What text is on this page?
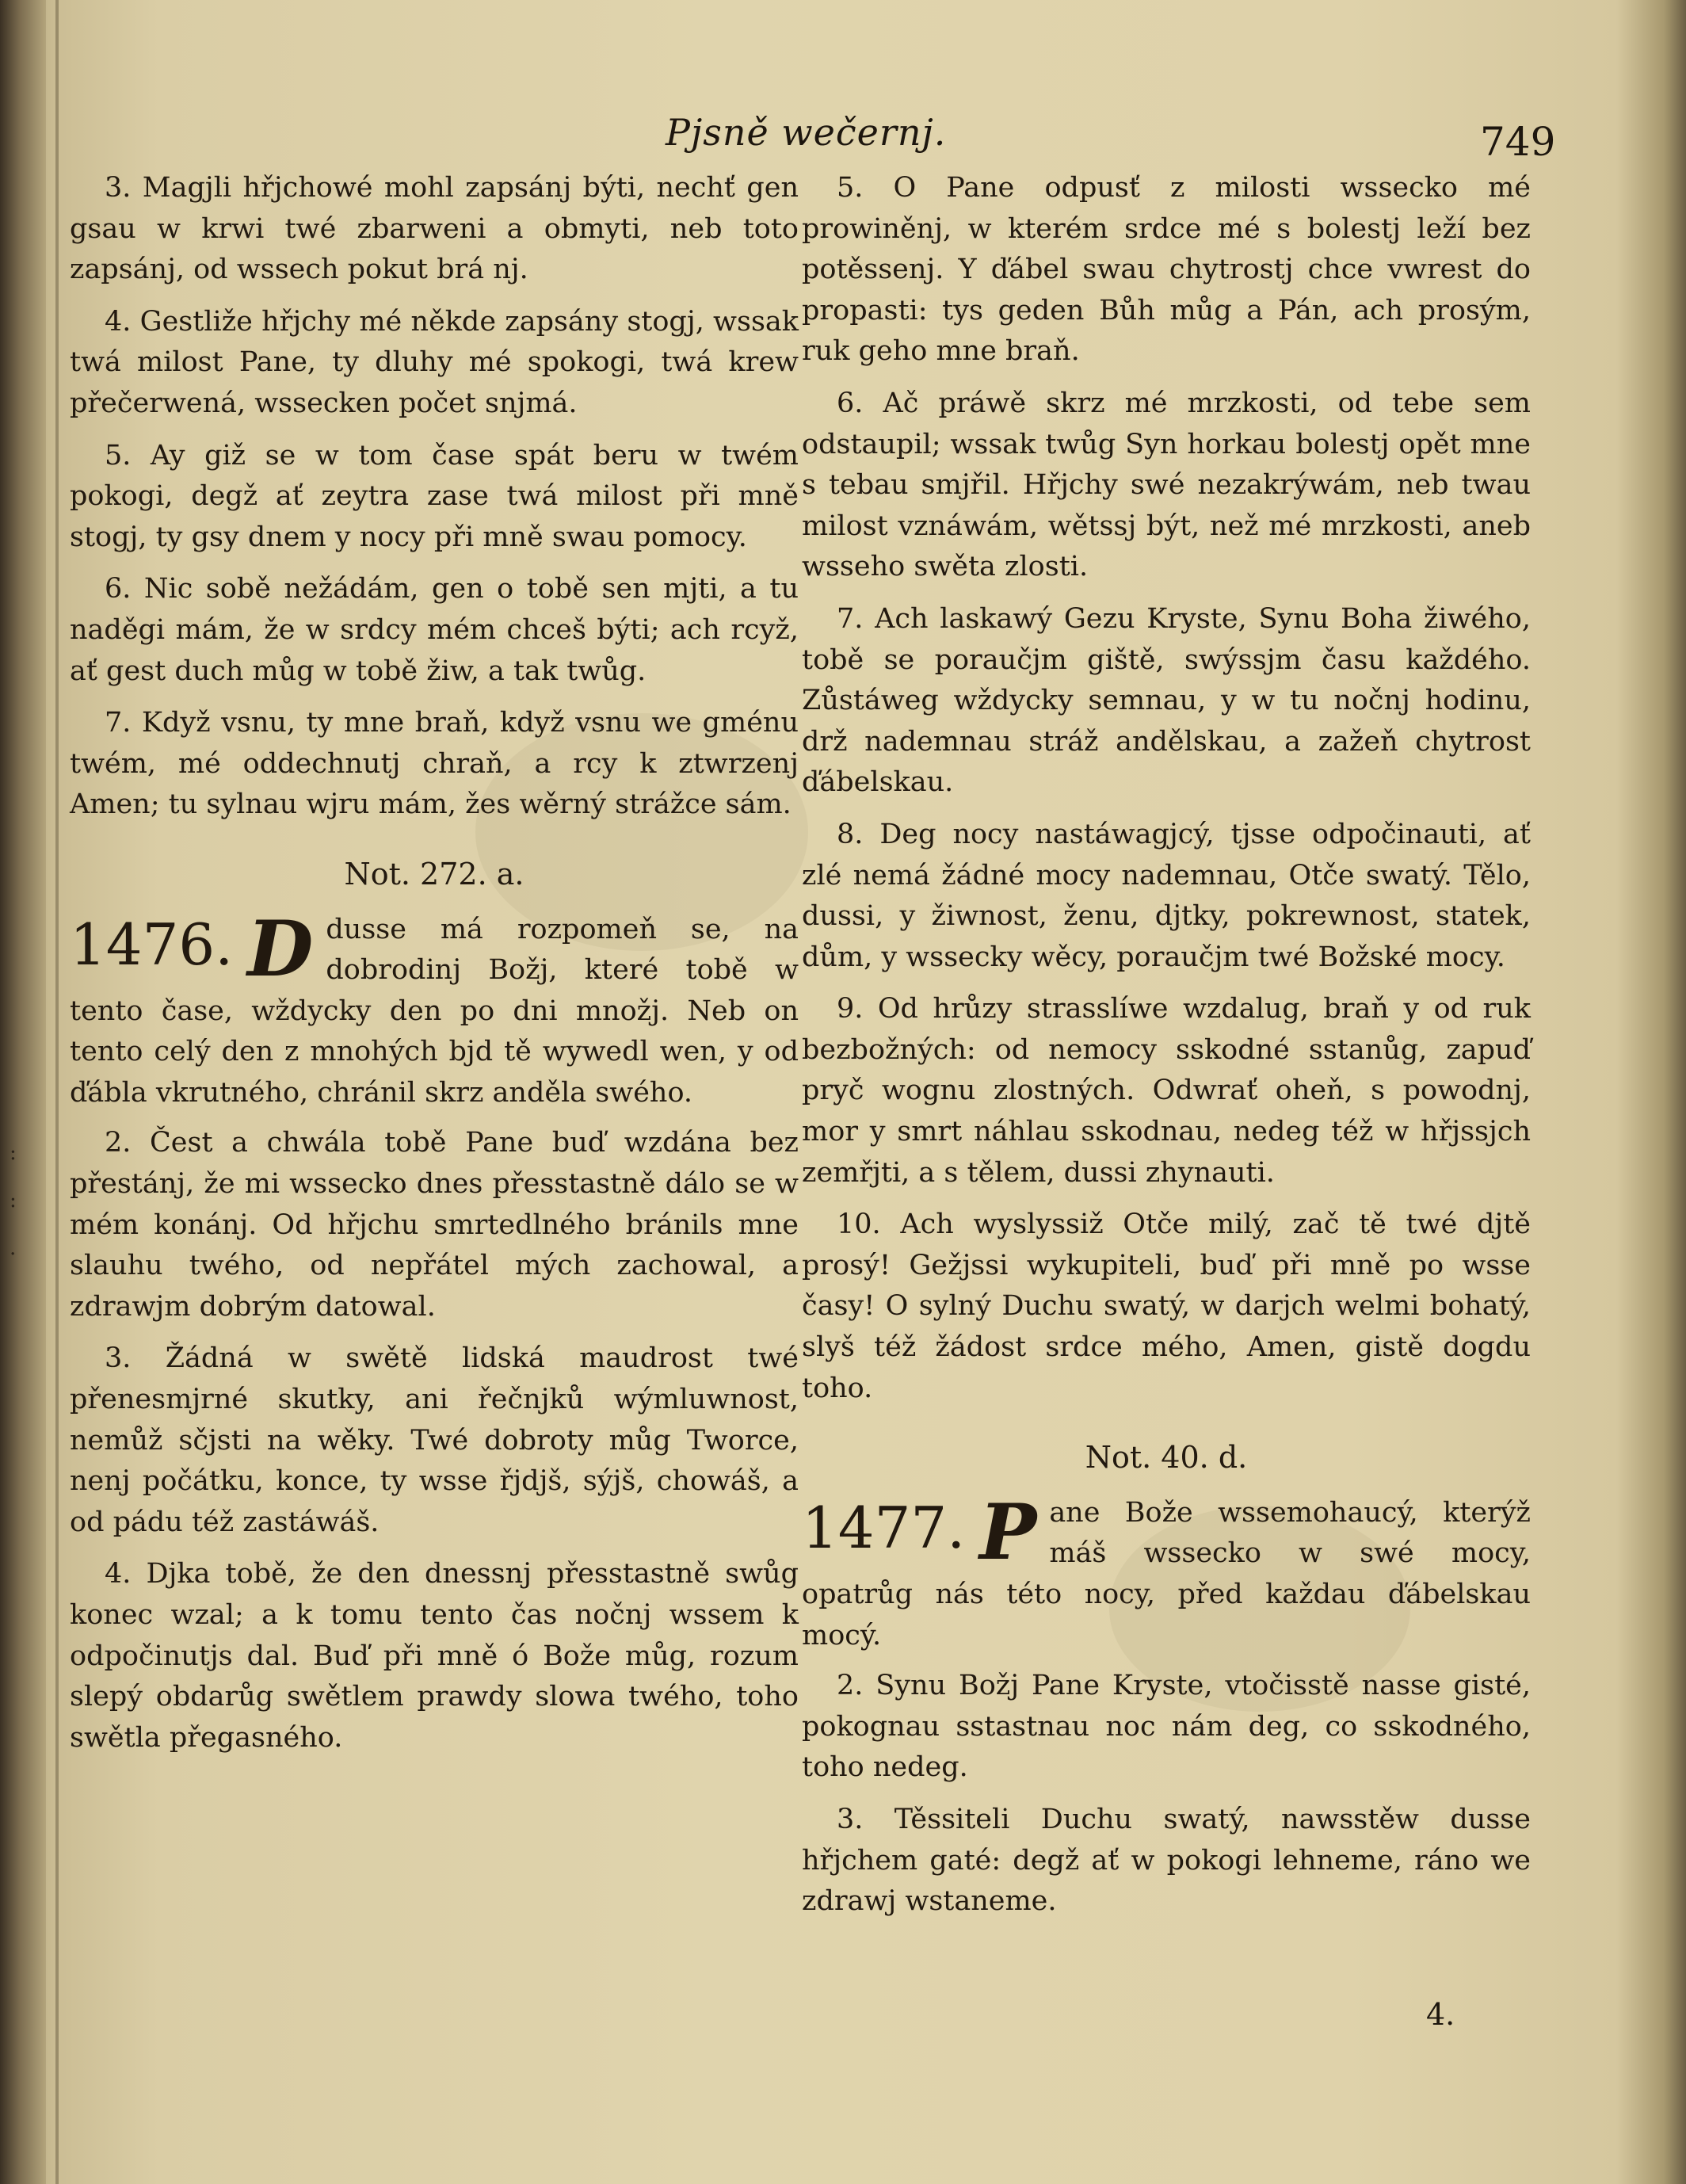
:
:
.
Pjsně wečernj.	749

3. Magjli hřjchowé mohl zapsánj býti, nechť gen gsau w krwi twé zbarweni a obmyti, neb toto zapsánj, od wssech pokut brá nj.

4. Gestliže hřjchy mé někde zapsány stogj, wssak twá milost Pane, ty dluhy mé spokogi, twá krew přečerwená, wssecken počet snjmá.

5. Ay giž se w tom čase spát beru w twém pokogi, degž ať zeytra zase twá milost při mně stogj, ty gsy dnem y nocy při mně swau pomocy.

6. Nic sobě nežádám, gen o tobě sen mjti, a tu naděgi mám, že w srdcy mém chceš býti; ach rcyž, ať gest duch můg w tobě žiw, a tak twůg.

7. Když vsnu, ty mne braň, když vsnu we gménu twém, mé oddechnutj chraň, a rcy k ztwrzenj Amen; tu sylnau wjru mám, žes wěrný strážce sám.

Not. 272. a.

1476. D dusse má rozpomeň se, na dobrodinj Božj, které tobě w tento čase, wždycky den po dni množj. Neb on tento celý den z mnohých bjd tě wywedl wen, y od ďábla vkrutného, chránil skrz anděla swého.

2. Čest a chwála tobě Pane buď wzdána bez přestánj, že mi wssecko dnes přesstastně dálo se w mém konánj. Od hřjchu smrtedlného bránils mne slauhu twého, od nepřátel mých zachowal, a zdrawjm dobrým datowal.

3. Žádná w swětě lidská maudrost twé přenesmjrné skutky, ani řečnjků wýmluwnost, nemůž sčjsti na wěky. Twé dobroty můg Tworce, nenj počátku, konce, ty wsse řjdjš, sýjš, chowáš, a od pádu též zastáwáš.

4. Djka tobě, že den dnessnj přesstastně swůg konec wzal; a k tomu tento čas nočnj wssem k odpočinutjs dal. Buď při mně ó Bože můg, rozum slepý obdarůg swětlem prawdy slowa twého, toho swětla přegasného.

5. O Pane odpusť z milosti wssecko mé prowiněnj, w kterém srdce mé s bolestj leží bez potěssenj. Y ďábel swau chytrostj chce vwrest do propasti: tys geden Bůh můg a Pán, ach prosým, ruk geho mne braň.

6. Ač práwě skrz mé mrzkosti, od tebe sem odstaupil; wssak twůg Syn horkau bolestj opět mne s tebau smjřil. Hřjchy swé nezakrýwám, neb twau milost vznáwám, wětssj být, než mé mrzkosti, aneb wsseho swěta zlosti.

7. Ach laskawý Gezu Kryste, Synu Boha žiwého, tobě se poraučjm giště, swýssjm času každého. Zůstáweg wždycky semnau, y w tu nočnj hodinu, drž nademnau stráž andělskau, a zažeň chytrost ďábelskau.

8. Deg nocy nastáwagjcý, tjsse odpočinauti, ať zlé nemá žádné mocy nademnau, Otče swatý. Tělo, dussi, y žiwnost, ženu, djtky, pokrewnost, statek, dům, y wssecky wěcy, poraučjm twé Božské mocy.

9. Od hrůzy strasslíwe wzdalug, braň y od ruk bezbožných: od nemocy sskodné sstanůg, zapuď pryč wognu zlostných. Odwrať oheň, s powodnj, mor y smrt náhlau sskodnau, nedeg též w hřjssjch zemřjti, a s tělem, dussi zhynauti.

10. Ach wyslyssiž Otče milý, zač tě twé djtě prosý! Gežjssi wykupiteli, buď při mně po wsse časy! O sylný Duchu swatý, w darjch welmi bohatý, slyš též žádost srdce mého, Amen, gistě dogdu toho.

Not. 40. d.

1477. P ane Bože wssemohaucý, kterýž máš wssecko w swé mocy, opatrůg nás této nocy, před každau ďábelskau mocý.

2. Synu Božj Pane Kryste, vtočisstě nasse gisté, pokognau sstastnau noc nám deg, co sskodného, toho nedeg.

3. Těssiteli Duchu swatý, nawsstěw dusse hřjchem gaté: degž ať w pokogi lehneme, ráno we zdrawj wstaneme.

4.
